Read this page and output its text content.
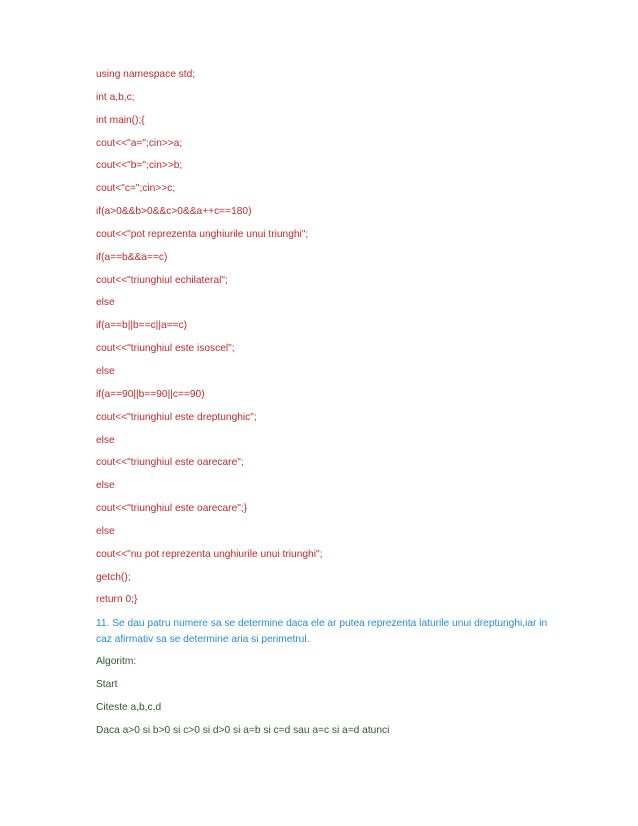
using namespace std;

int a,b,c;

int main();{

cout<<"a=";cin>>a;

cout<<"b=";cin>>b;

cout<"c=";cin>>c;

if(a>0&&b>0&&c>0&&a++c==180)

cout<<"pot reprezenta unghiurile unui triunghi";

if(a==b&&a==c)

cout<<"triunghiul echilateral";

else

if(a==b||b==c||a==c)

cout<<"triunghiul este isoscel";

else

if(a==90||b==90||c==90)

cout<<"triunghiul este dreptunghic";

else

cout<<"triunghiul este oarecare";

else

cout<<"triunghiul este oarecare";}

else

cout<<"nu pot reprezenta unghiurile unui triunghi";

getch();

return 0;}

11. Se dau patru numere sa se determine daca ele ar putea reprezenta laturile unui dreptunghi,iar in caz afirmativ sa se determine aria si perimetrul.

Algoritm:

Start

Citeste a,b,c,d

Daca a>0 si b>0 si c>0 si d>0 si a=b si c=d sau a=c si a=d atunci
